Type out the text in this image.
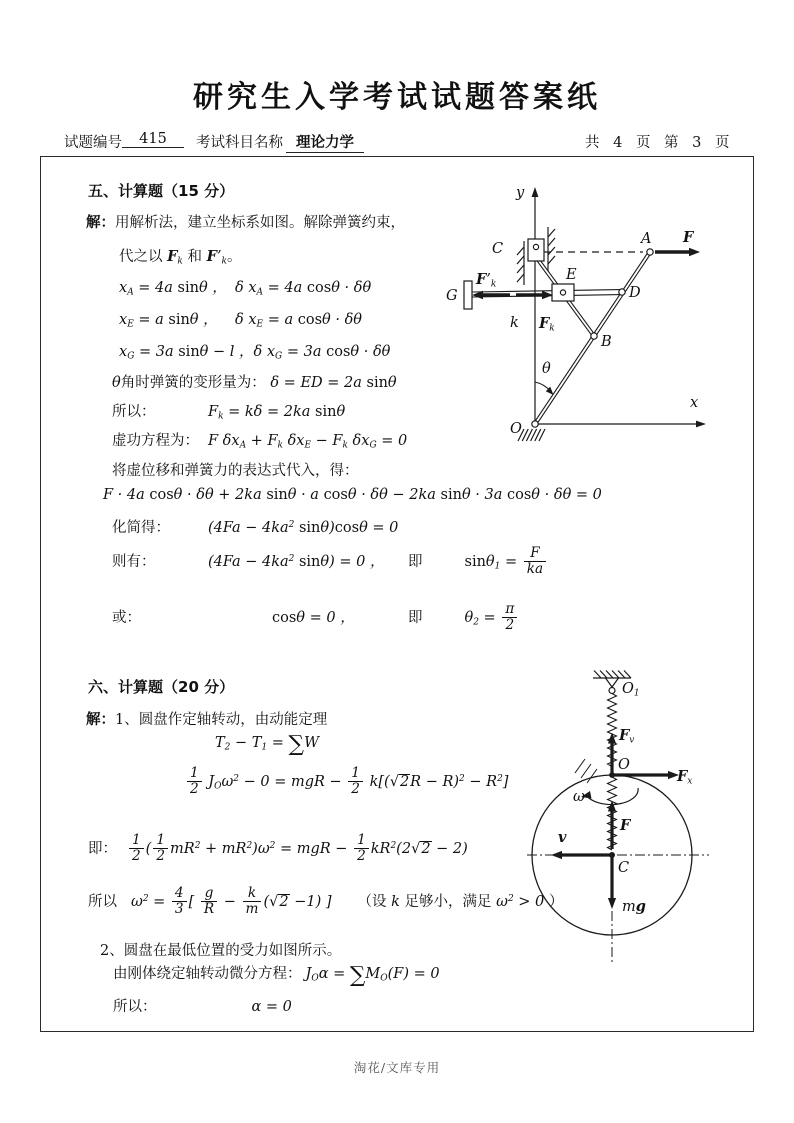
研究生入学考试试题答案纸
试题编号	415	考试科目名称 理论力学	共 4 页 第 3 页
五、计算题（15 分）
解：用解析法，建立坐标系如图。解除弹簧约束，
代之以 $F_k$ 和 $F’_k$。
$x_A = 4a$ sinθ ， δ $x_A = 4a$ cosθ · δθ
$x_E = a$ sinθ ， δ $x_E = a$ cosθ · δθ
$x_G = 3a$ sinθ − l ，δ $x_G = 3a$ cosθ · δθ
θ角时弹簧的变形量为： δ = ED = 2a sinθ
所以：	$F_k = k\delta = 2ka$ sinθ
虚功方程为： F $\delta x_A + F_k$ $\delta x_E - F_k$ $\delta x_G = 0$
将虚位移和弹簧力的表达式代入，得：
F · 4a cosθ · δθ + 2ka sinθ · a cosθ · δθ − 2ka sinθ · 3a cosθ · δθ = 0
化简得：	($4Fa - 4ka^2$ sinθ)cosθ = 0
则有：	($4Fa - 4ka^2$ sinθ) = 0 ， 即	$\sin\theta_1 = \frac{F}{ka}$
或：	cosθ = 0 ，	即	$\theta_2 = \frac{\pi}{2}$
六、计算题（20 分）
解：1、圆盘作定轴转动，由动能定理
$T_2 - T_1 = \sum W$
$\frac{1}{2} J_O\omega^2 - 0$ = mgR − $\frac{1}{2} k[(√2R - R)^2 - R^2]$
即： $\frac{1}{2}$ ( $\frac{1}{2} mR^2 + mR^2)\omega^2$ = mgR − $\frac{1}{2} kR^2(2√2 - 2)$
所以 $\omega^2 = \frac{4}{3}$ [ $\frac{g}{R} - \frac{k}{m} (√2 -1)$ ] （设 k 足够小，满足 $\omega^2 > 0$ ）
2、圆盘在最低位置的受力如图所示。
由刚体绕定轴转动微分方程： $J_O\alpha = \sum M_O(F) = 0$
所以：	α = 0
y
x
O
A F
C
D
E
B
G
$F’_k$
$F_k$
k
θ
$O_1$
$F_v$
O
$F_x$
ω
F
v
C
mg
淘花/文库专用
